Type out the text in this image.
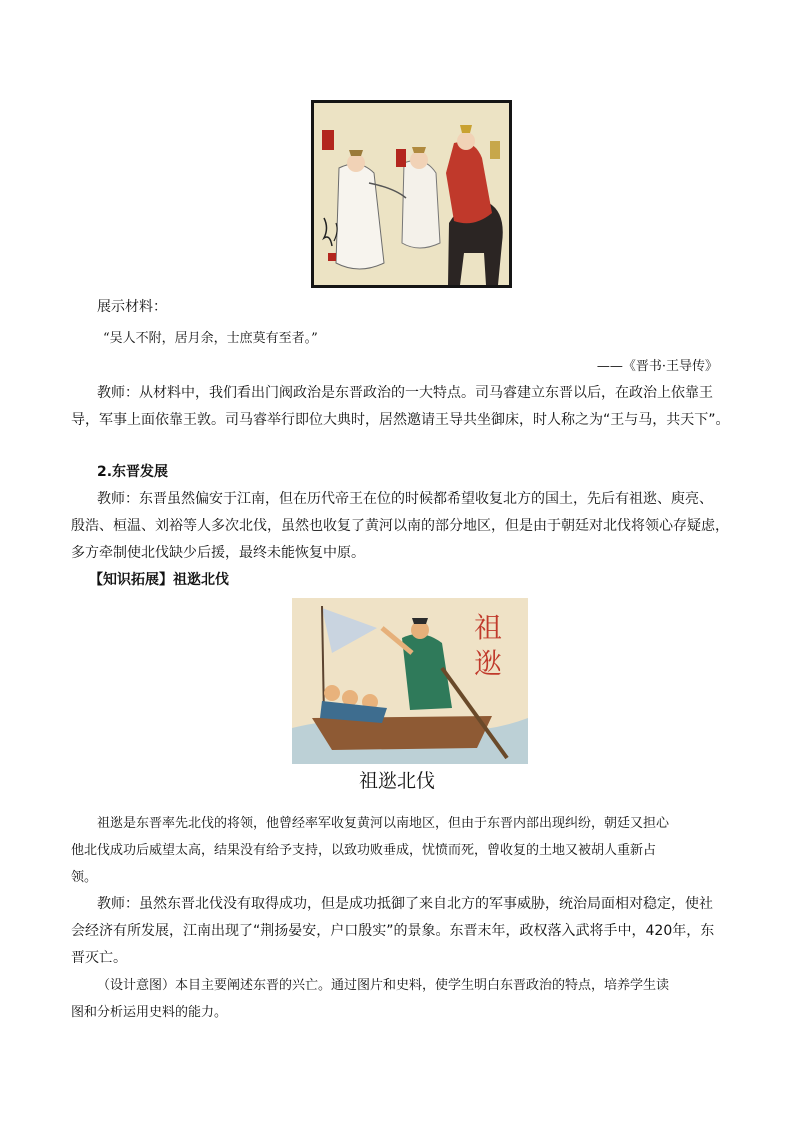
展示材料：
“吴人不附，居月余，士庶莫有至者。”
——《晋书·王导传》
教师：从材料中，我们看出门阀政治是东晋政治的一大特点。司马睿建立东晋以后，在政治上依靠王
导，军事上面依靠王敦。司马睿举行即位大典时，居然邀请王导共坐御床，时人称之为“王与马，共天下”。
2.东晋发展
教师：东晋虽然偏安于江南，但在历代帝王在位的时候都希望收复北方的国土，先后有祖逖、庾亮、
殷浩、桓温、刘裕等人多次北伐，虽然也收复了黄河以南的部分地区，但是由于朝廷对北伐将领心存疑虑，
多方牵制使北伐缺少后援，最终未能恢复中原。
【知识拓展】祖逖北伐
祖逖
祖逖北伐
祖逖是东晋率先北伐的将领，他曾经率军收复黄河以南地区，但由于东晋内部出现纠纷，朝廷又担心
他北伐成功后威望太高，结果没有给予支持，以致功败垂成，忧愤而死，曾收复的土地又被胡人重新占
领。
教师：虽然东晋北伐没有取得成功，但是成功抵御了来自北方的军事威胁，统治局面相对稳定，使社
会经济有所发展，江南出现了“荆扬晏安，户口殷实”的景象。东晋末年，政权落入武将手中，420年，东
晋灭亡。
（设计意图）本目主要阐述东晋的兴亡。通过图片和史料，使学生明白东晋政治的特点，培养学生读
图和分析运用史料的能力。
